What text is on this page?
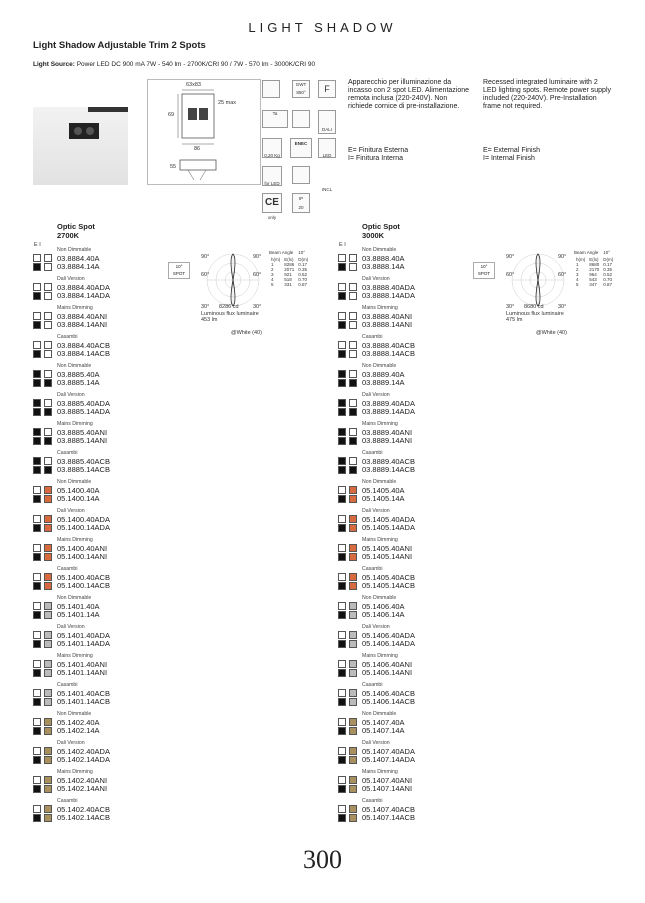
LIGHT SHADOW
Light Shadow Adjustable Trim 2 Spots
Light Source: Power LED DC 900 mA 7W - 540 lm - 2700K/CRI 90 / 7W - 570 lm - 3000K/CRI 90
63x83
25 max
69
86
55
GWT 850°	F
Ta
DALI
0,20 Kg
ENEC
LED INCL
for LED only
CE	IP
20
Apparecchio per illuminazione da incasso con 2 spot LED. Alimentazione remota inclusa (220-240V). Non richiede cornice di pre-installazione.
Recessed integrated luminaire with 2 LED lighting spots. Remote power supply included (220-240V). Pre-Installation frame not required.
E= Finitura Esterna
I= Finitura Interna
E= External Finish
I= Internal Finish
Optic Spot
2700K
E I
10°
SPOT
90°	90°
60°	60°
30° 8286 cd	30°
Luminous flux luminaire
453 lm
@White (40)
Beam Angle 10°
h(m)	E(lx)	D(m)
1	8286	0.17
2	2071	0.35
3	921	0.52
4	518	0.70
5	331	0.87
Non Dimmable
03.8884.40A
03.8884.14A
Dali Version
03.8884.40ADA
03.8884.14ADA
Mains Dimming
03.8884.40ANI
03.8884.14ANI
Casambi
03.8884.40ACB
03.8884.14ACB
Non Dimmable
03.8885.40A
03.8885.14A
Dali Version
03.8885.40ADA
03.8885.14ADA
Mains Dimming
03.8885.40ANI
03.8885.14ANI
Casambi
03.8885.40ACB
03.8885.14ACB
Non Dimmable
05.1400.40A
05.1400.14A
Dali Version
05.1400.40ADA
05.1400.14ADA
Mains Dimming
05.1400.40ANI
05.1400.14ANI
Casambi
05.1400.40ACB
05.1400.14ACB
Non Dimmable
05.1401.40A
05.1401.14A
Dali Version
05.1401.40ADA
05.1401.14ADA
Mains Dimming
05.1401.40ANI
05.1401.14ANI
Casambi
05.1401.40ACB
05.1401.14ACB
Non Dimmable
05.1402.40A
05.1402.14A
Dali Version
05.1402.40ADA
05.1402.14ADA
Mains Dimming
05.1402.40ANI
05.1402.14ANI
Casambi
05.1402.40ACB
05.1402.14ACB
Optic Spot
3000K
E I
10°
SPOT
90°	90°
60°	60°
30° 8680 cd	30°
Luminous flux luminaire
475 lm
@White (40)
Beam Angle 10°
h(m)	E(lx)	D(m)
1	8680	0.17
2	2170	0.35
3	964	0.52
4	543	0.70
5	347	0.87
Non Dimmable
03.8888.40A
03.8888.14A
Dali Version
03.8888.40ADA
03.8888.14ADA
Mains Dimming
03.8888.40ANI
03.8888.14ANI
Casambi
03.8888.40ACB
03.8888.14ACB
Non Dimmable
03.8889.40A
03.8889.14A
Dali Version
03.8889.40ADA
03.8889.14ADA
Mains Dimming
03.8889.40ANI
03.8889.14ANI
Casambi
03.8889.40ACB
03.8889.14ACB
Non Dimmable
05.1405.40A
05.1405.14A
Dali Version
05.1405.40ADA
05.1405.14ADA
Mains Dimming
05.1405.40ANI
05.1405.14ANI
Casambi
05.1405.40ACB
05.1405.14ACB
Non Dimmable
05.1406.40A
05.1406.14A
Dali Version
05.1406.40ADA
05.1406.14ADA
Mains Dimming
05.1406.40ANI
05.1406.14ANI
Casambi
05.1406.40ACB
05.1406.14ACB
Non Dimmable
05.1407.40A
05.1407.14A
Dali Version
05.1407.40ADA
05.1407.14ADA
Mains Dimming
05.1407.40ANI
05.1407.14ANI
Casambi
05.1407.40ACB
05.1407.14ACB
300
